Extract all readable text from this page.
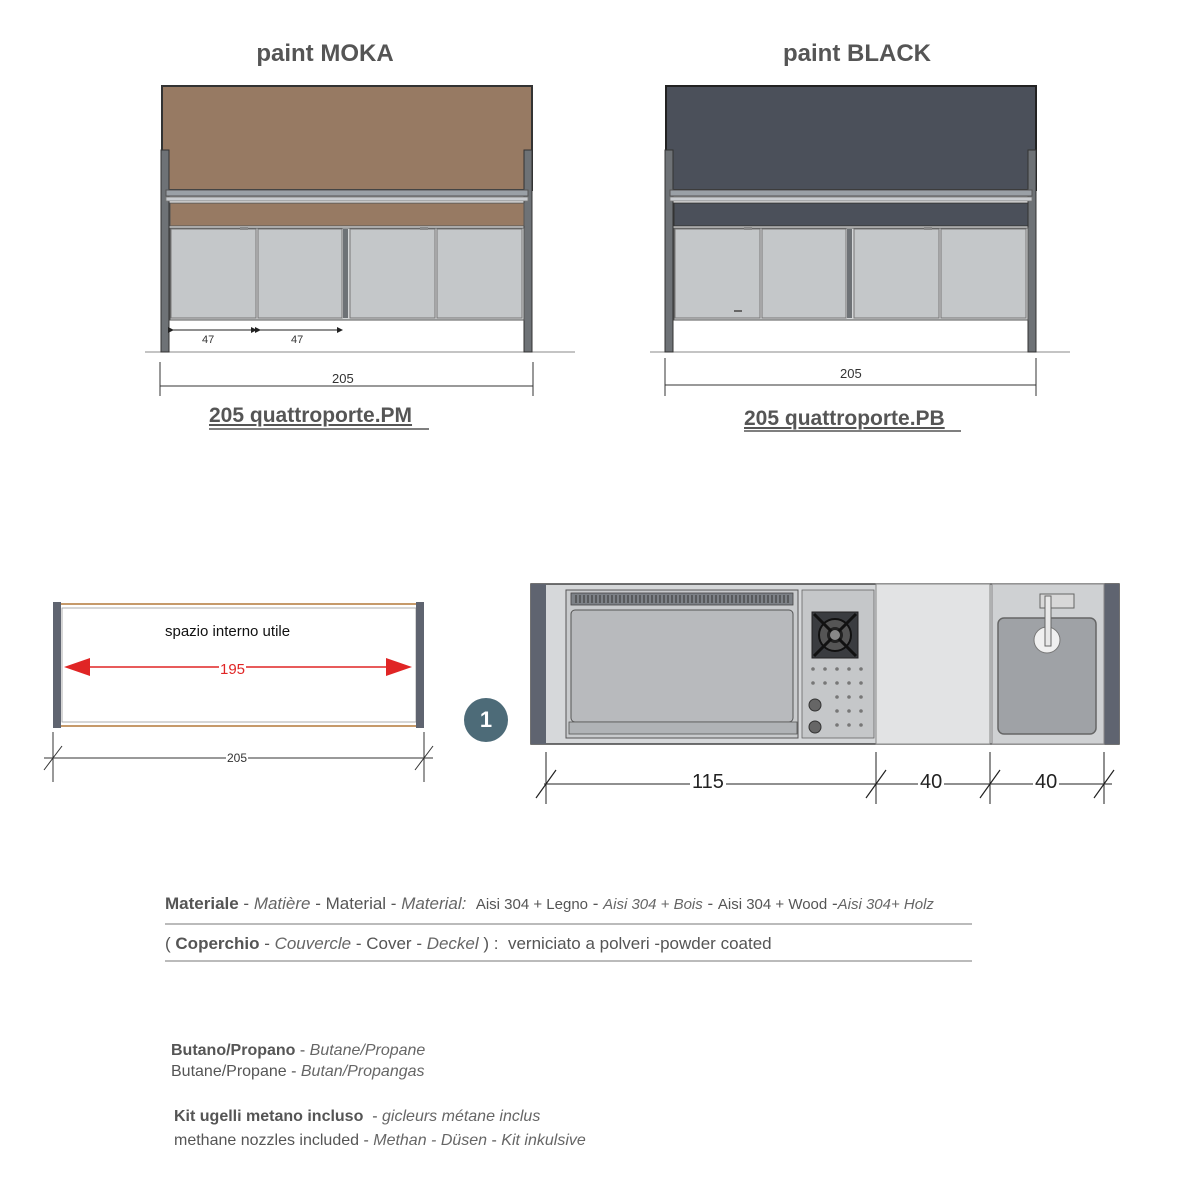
paint MOKA	paint BLACK
47	47
205	205
205 quattroporte.PM	205 quattroporte.PB
spazio interno utile
195
205
1
115	40	40
Materiale - Matière - Material - Material: Aisi 304 + Legno - Aisi 304 + Bois - Aisi 304 + Wood -Aisi 304+ Holz
( Coperchio - Couvercle - Cover - Deckel ) : verniciato a polveri -powder coated
Butano/Propano - Butane/Propane
Butane/Propane - Butan/Propangas
Kit ugelli metano incluso  - gicleurs métane inclus
methane nozzles included - Methan - Düsen - Kit inkulsive
